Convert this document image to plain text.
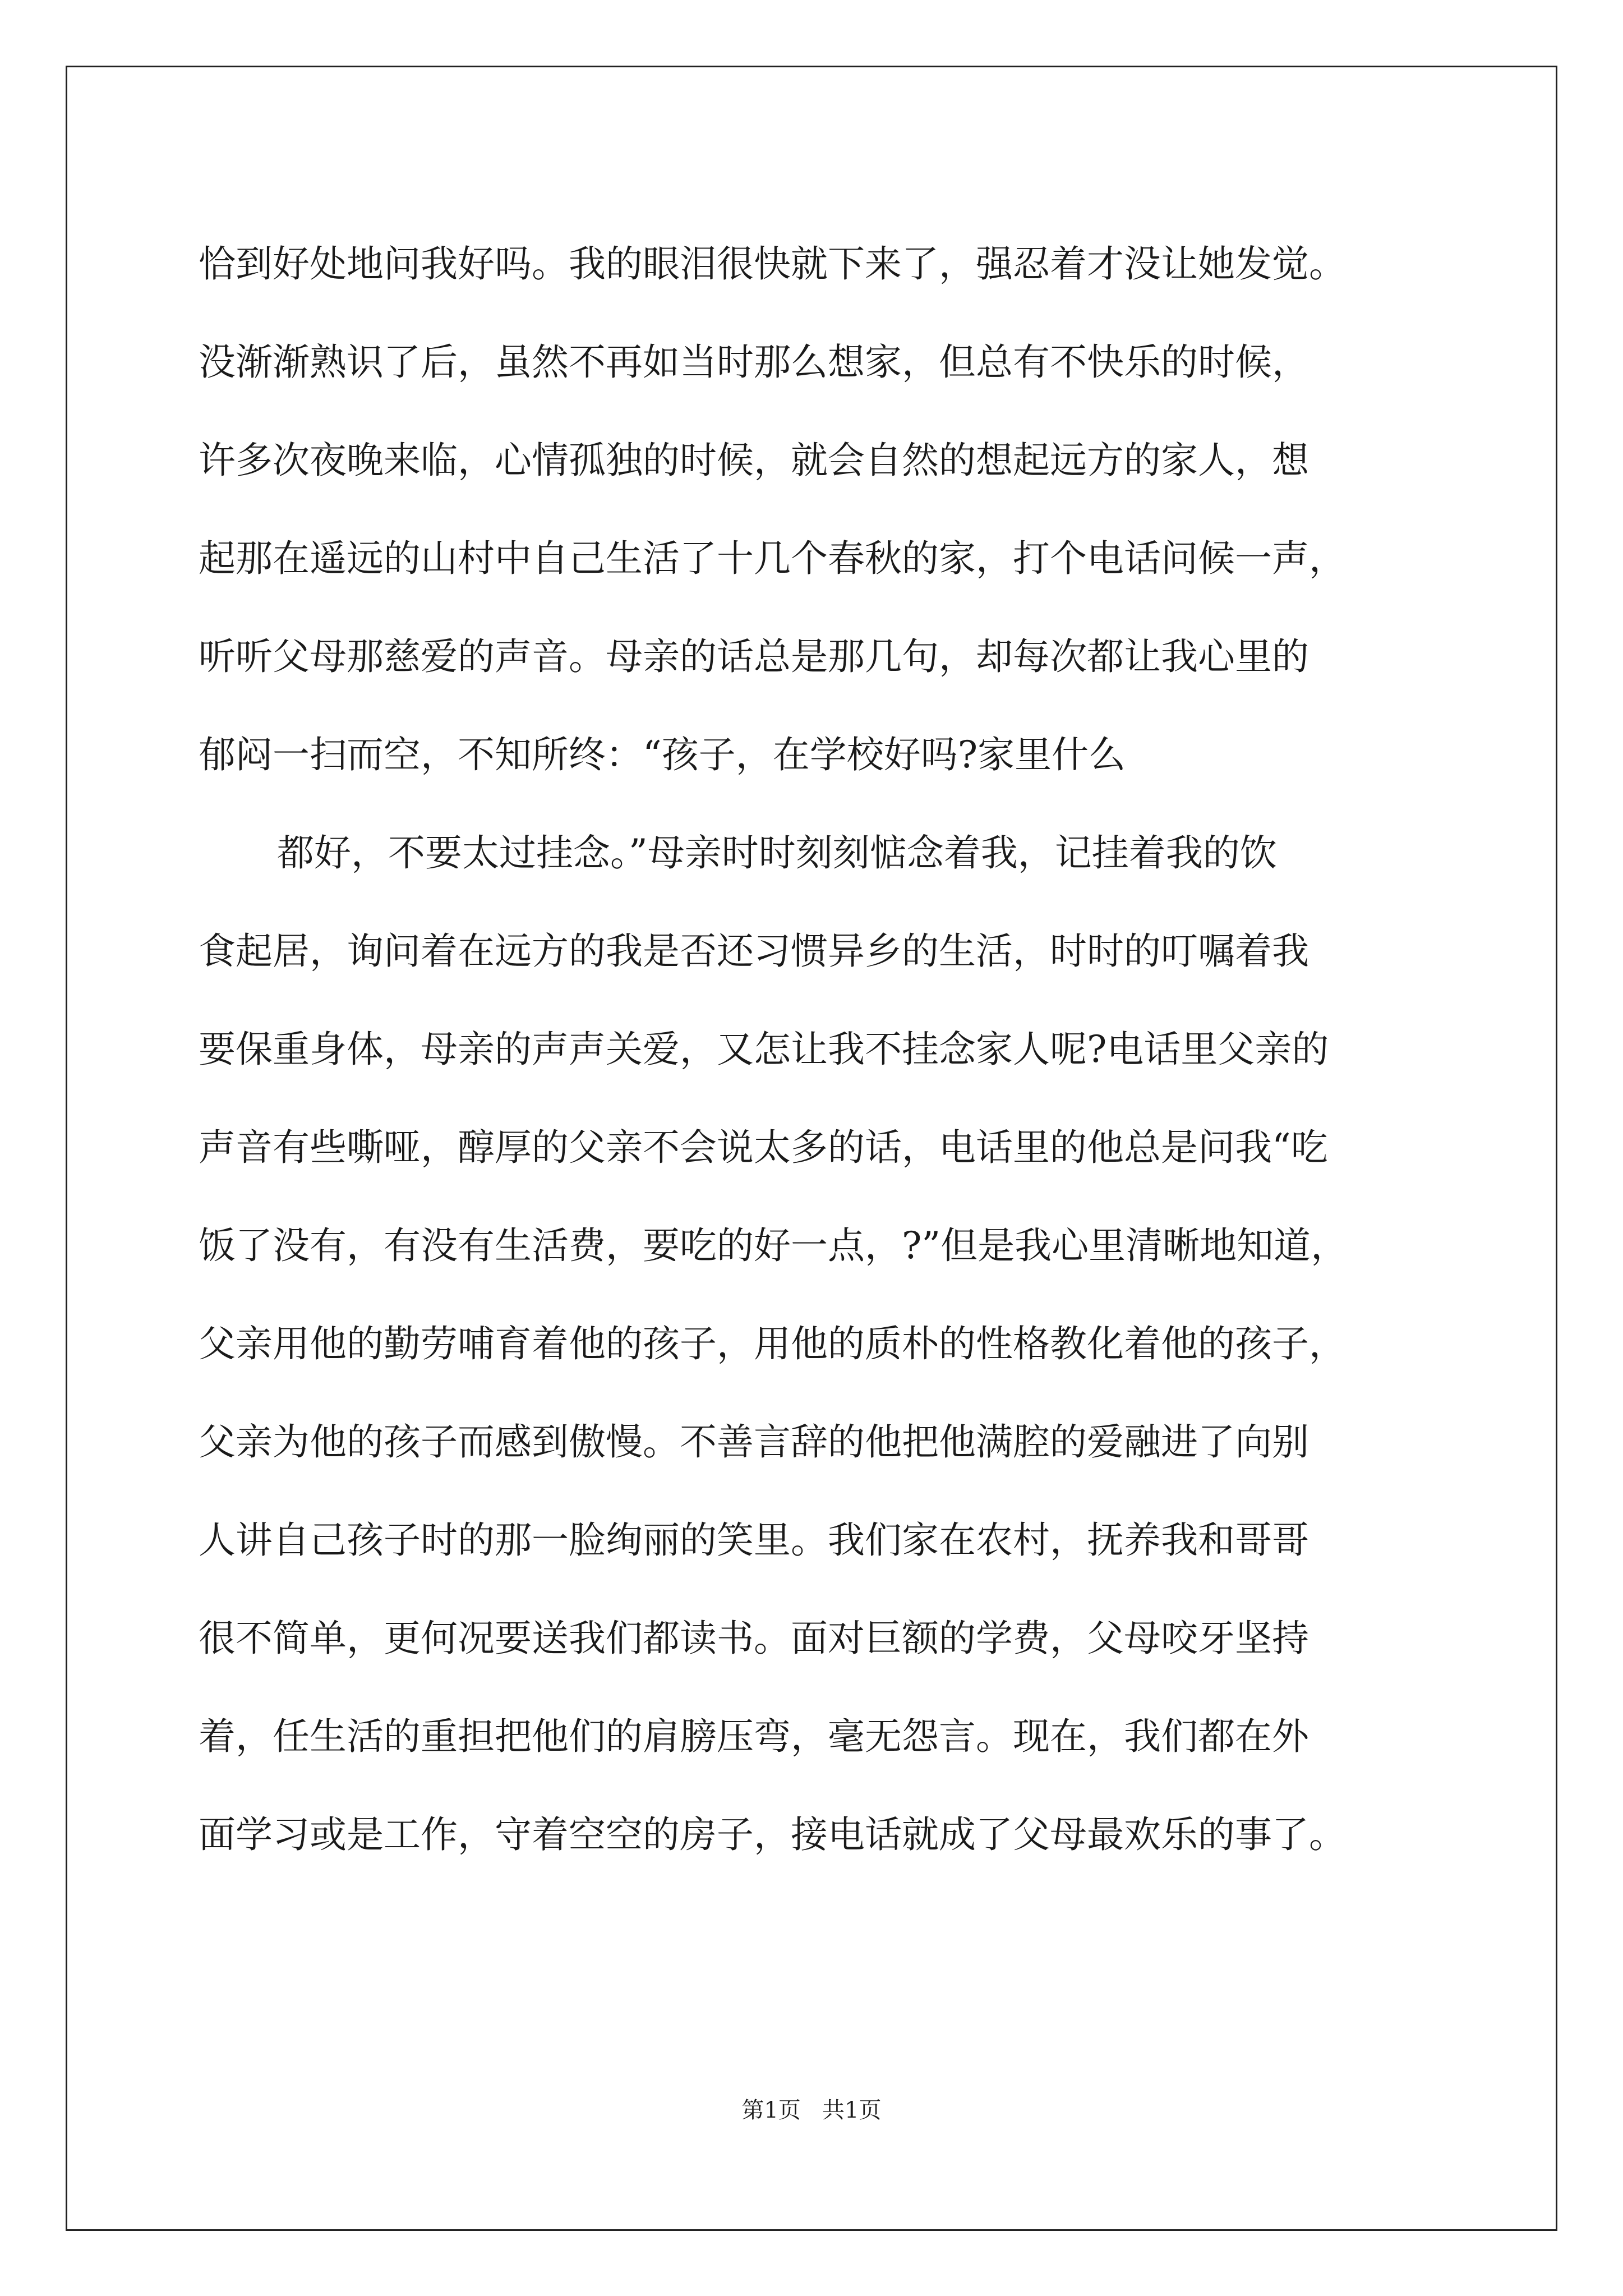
恰到好处地问我好吗。我的眼泪很快就下来了，强忍着才没让她发觉。
没渐渐熟识了后，虽然不再如当时那么想家，但总有不快乐的时候，
许多次夜晚来临，心情孤独的时候，就会自然的想起远方的家人，想
起那在遥远的山村中自己生活了十几个春秋的家，打个电话问候一声，
听听父母那慈爱的声音。母亲的话总是那几句，却每次都让我心里的
郁闷一扫而空，不知所终：“孩子，在学校好吗?家里什么
都好，不要太过挂念。”母亲时时刻刻惦念着我，记挂着我的饮
食起居，询问着在远方的我是否还习惯异乡的生活，时时的叮嘱着我
要保重身体，母亲的声声关爱，又怎让我不挂念家人呢?电话里父亲的
声音有些嘶哑，醇厚的父亲不会说太多的话，电话里的他总是问我“吃
饭了没有，有没有生活费，要吃的好一点，?”但是我心里清晰地知道，
父亲用他的勤劳哺育着他的孩子，用他的质朴的性格教化着他的孩子，
父亲为他的孩子而感到傲慢。不善言辞的他把他满腔的爱融进了向别
人讲自己孩子时的那一脸绚丽的笑里。我们家在农村，抚养我和哥哥
很不简单，更何况要送我们都读书。面对巨额的学费，父母咬牙坚持
着，任生活的重担把他们的肩膀压弯，毫无怨言。现在，我们都在外
面学习或是工作，守着空空的房子，接电话就成了父母最欢乐的事了。
第1页   共1页
